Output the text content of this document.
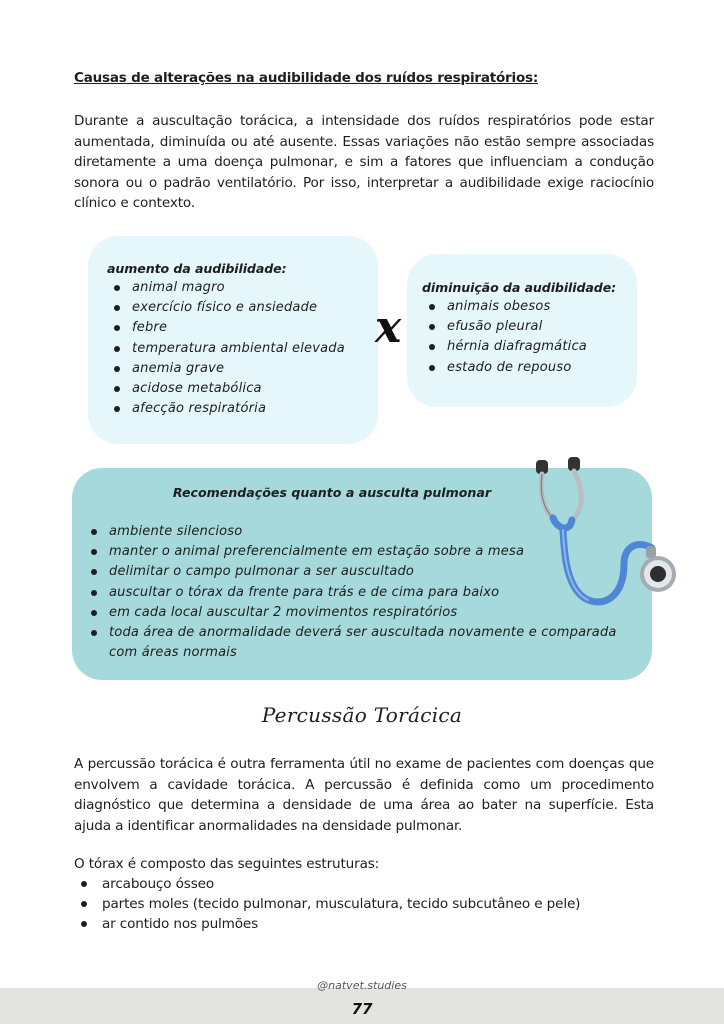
Causas de alterações na audibilidade dos ruídos respiratórios:

Durante a auscultação torácica, a intensidade dos ruídos respiratórios pode estar aumentada, diminuída ou até ausente. Essas variações não estão sempre associadas diretamente a uma doença pulmonar, e sim a fatores que influenciam a condução sonora ou o padrão ventilatório. Por isso, interpretar a audibilidade exige raciocínio clínico e contexto.

aumento da audibilidade:

animal magro
exercício físico e ansiedade
febre
temperatura ambiental elevada
anemia grave
acidose metabólica
afecção respiratória
x

diminuição da audibilidade:

animais obesos
efusão pleural
hérnia diafragmática
estado de repouso

Recomendações quanto a ausculta pulmonar

ambiente silencioso
manter o animal preferencialmente em estação sobre a mesa
delimitar o campo pulmonar a ser auscultado
auscultar o tórax da frente para trás e de cima para baixo
em cada local auscultar 2 movimentos respiratórios
toda área de anormalidade deverá ser auscultada novamente e comparada com áreas normais
Percussão Torácica

A percussão torácica é outra ferramenta útil no exame de pacientes com doenças que envolvem a cavidade torácica. A percussão é definida como um procedimento diagnóstico que determina a densidade de uma área ao bater na superfície. Esta ajuda a identificar anormalidades na densidade pulmonar.

O tórax é composto das seguintes estruturas:

arcabouço ósseo
partes moles (tecido pulmonar, musculatura, tecido subcutâneo e pele)
ar contido nos pulmões

@natvet.studies

77
